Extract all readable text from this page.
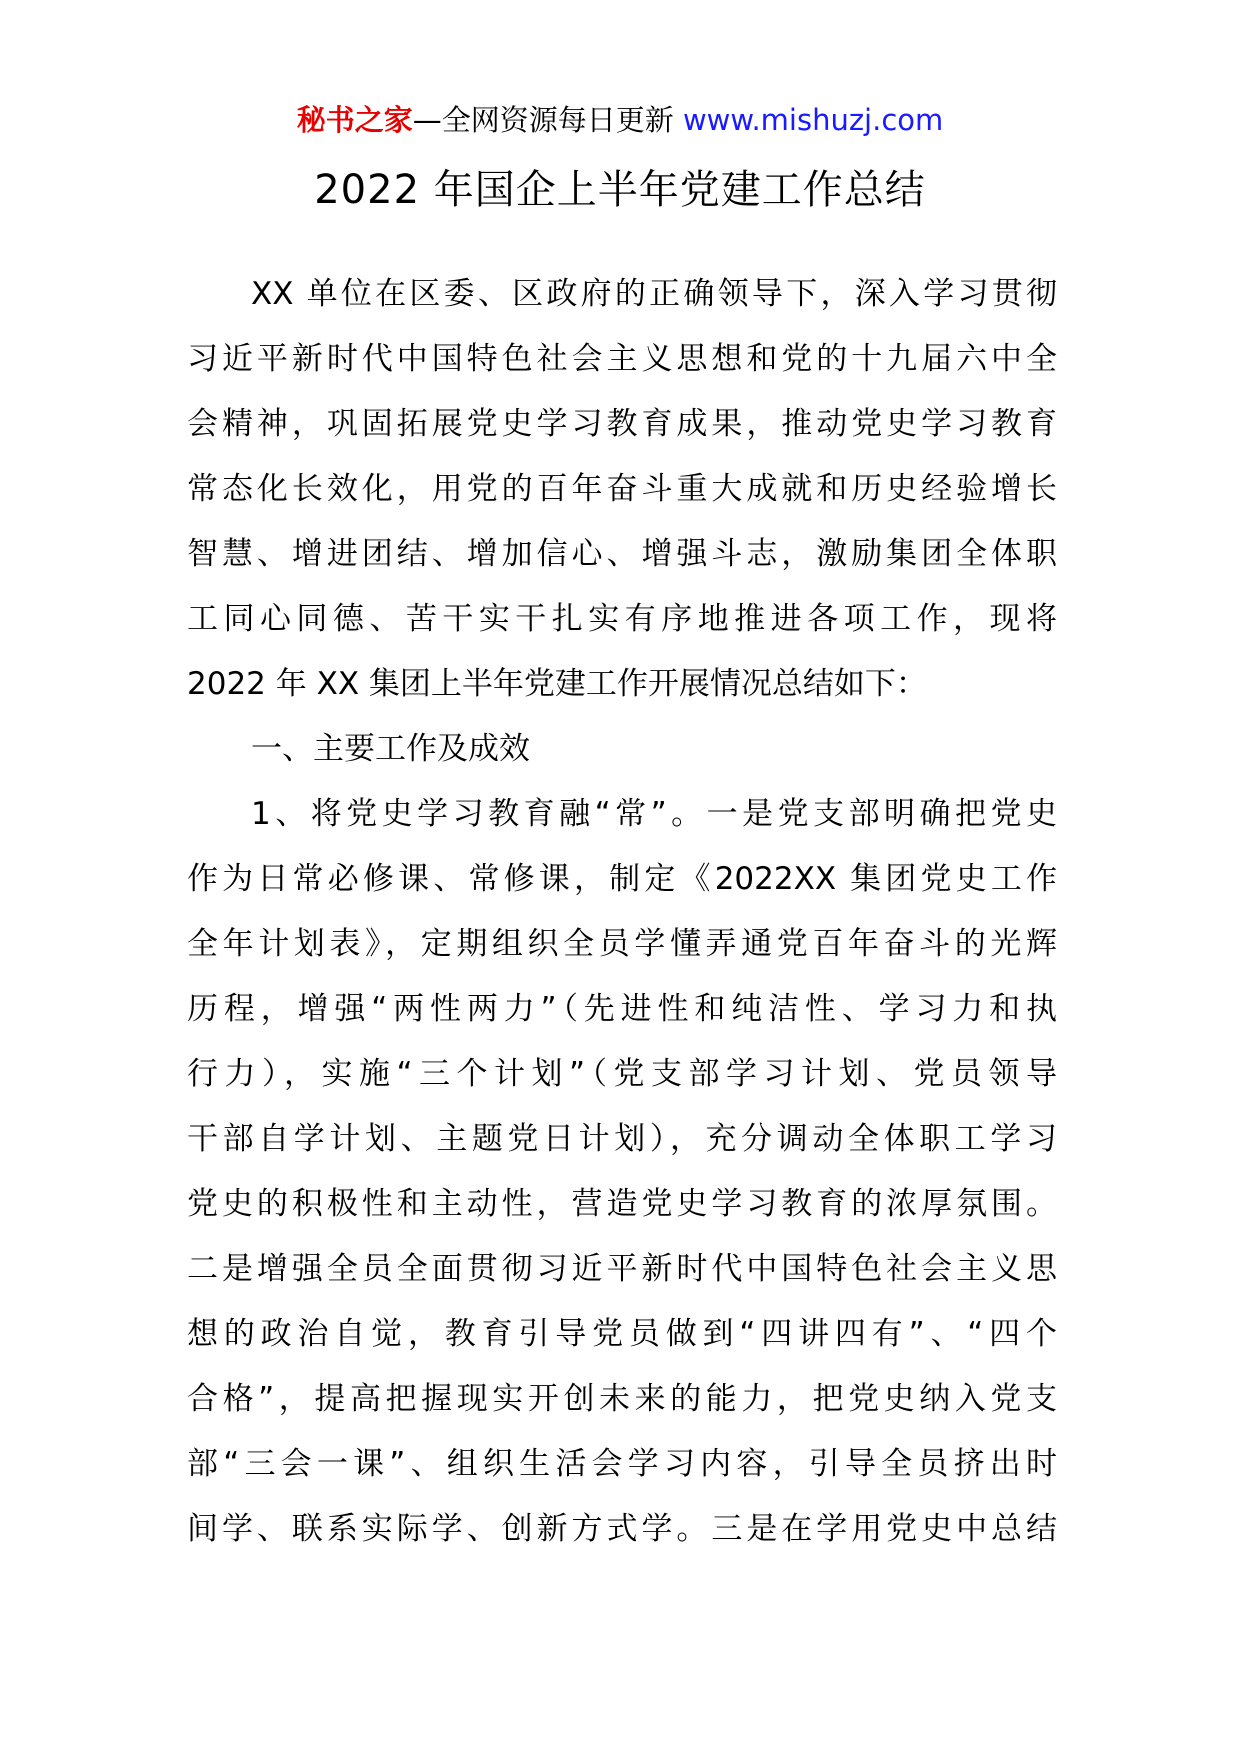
秘书之家—全网资源每日更新 www.mishuzj.com
2022 年国企上半年党建工作总结
XX 单位在区委、区政府的正确领导下，深入学习贯彻
习近平新时代中国特色社会主义思想和党的十九届六中全
会精神，巩固拓展党史学习教育成果，推动党史学习教育
常态化长效化，用党的百年奋斗重大成就和历史经验增长
智慧、增进团结、增加信心、增强斗志，激励集团全体职
工同心同德、苦干实干扎实有序地推进各项工作，现将
2022 年 XX 集团上半年党建工作开展情况总结如下：
一、主要工作及成效
1、将党史学习教育融“常”。一是党支部明确把党史
作为日常必修课、常修课，制定《2022XX 集团党史工作
全年计划表》，定期组织全员学懂弄通党百年奋斗的光辉
历程，增强“两性两力”（先进性和纯洁性、学习力和执
行力），实施“三个计划”（党支部学习计划、党员领导
干部自学计划、主题党日计划），充分调动全体职工学习
党史的积极性和主动性，营造党史学习教育的浓厚氛围。
二是增强全员全面贯彻习近平新时代中国特色社会主义思
想的政治自觉，教育引导党员做到“四讲四有”、“四个
合格”，提高把握现实开创未来的能力，把党史纳入党支
部“三会一课”、组织生活会学习内容，引导全员挤出时
间学、联系实际学、创新方式学。三是在学用党史中总结
